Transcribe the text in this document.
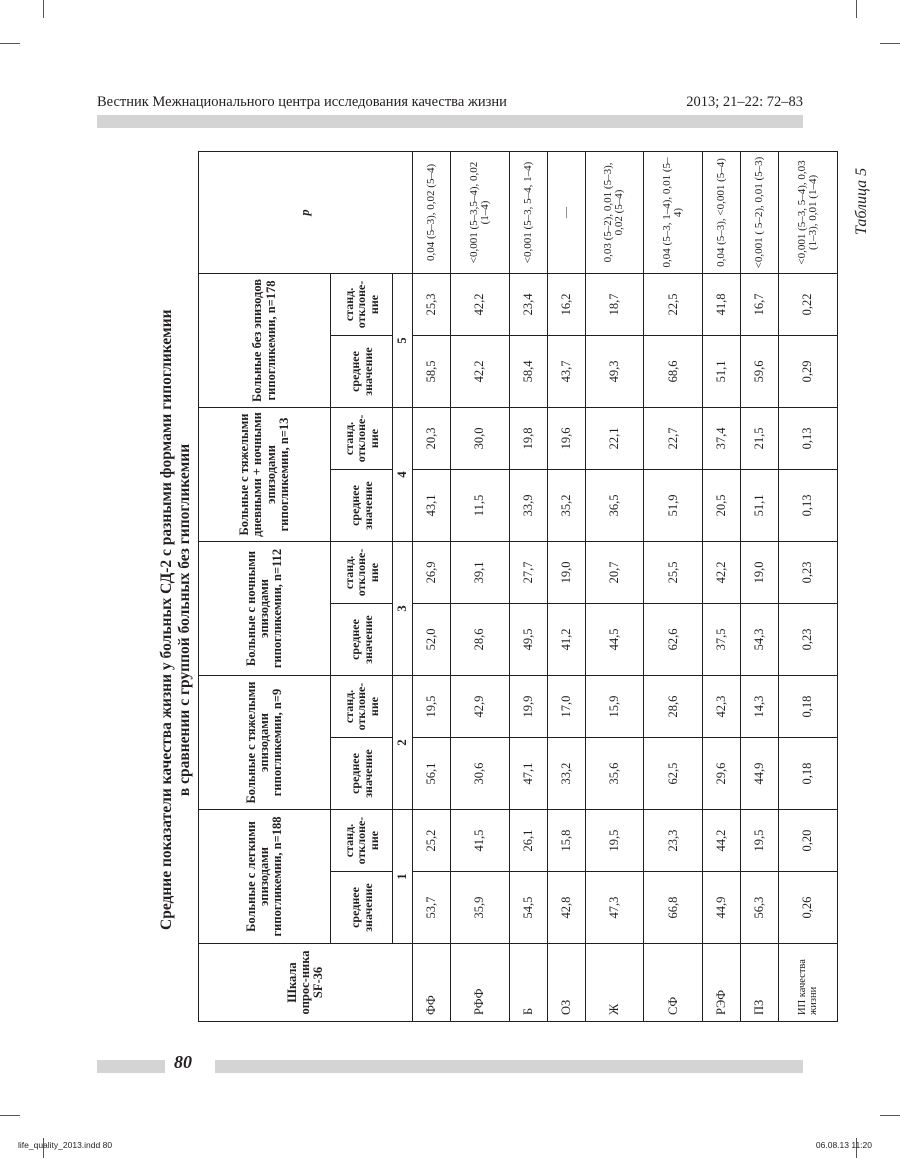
Вестник Межнационального центра исследования качества жизни	2013; 21–22: 72–83
Таблица 5
Средние показатели качества жизни у больных СД-2 с разными формами гипогликемии в сравнении с группой больных без гипогликемии
Шкала опрос-ника SF-36	Больные с легкими эпизодами гипогликемии, n=188		Больные с тяжелыми эпизодами гипогликемии, n=9		Больные с ночными эпизодами гипогликемии, n=112		Больные с тяжелыми дневными + ночными эпизодами гипогликемии, n=13		Больные без эпизодов гипогликемии, n=178		p
	среднее значение	станд. отклоне-ние	среднее значение	станд. отклоне-ние	среднее значение	станд. отклоне-ние	среднее значение	станд. отклоне-ние	среднее значение	станд. отклоне-ние	
	1		2		3		4		5		
ФФ	53,7	25,2	56,1	19,5	52,0	26,9	43,1	20,3	58,5	25,3	0,04 (5–3), 0,02 (5–4)
РФФ	35,9	41,5	30,6	42,9	28,6	39,1	11,5	30,0	42,2	42,2	<0,001 (5–3,5–4), 0,02 (1–4)
Б	54,5	26,1	47,1	19,9	49,5	27,7	33,9	19,8	58,4	23,4	<0,001 (5–3, 5–4, 1–4)
ОЗ	42,8	15,8	33,2	17,0	41,2	19,0	35,2	19,6	43,7	16,2	—
Ж	47,3	19,5	35,6	15,9	44,5	20,7	36,5	22,1	49,3	18,7	0,03 (5–2), 0,01 (5–3), 0,02 (5–4)
СФ	66,8	23,3	62,5	28,6	62,6	25,5	51,9	22,7	68,6	22,5	0,04 (5–3, 1–4), 0,01 (5–4)
РЭФ	44,9	44,2	29,6	42,3	37,5	42,2	20,5	37,4	51,1	41,8	0,04 (5–3), <0,001 (5–4)
ПЗ	56,3	19,5	44,9	14,3	54,3	19,0	51,1	21,5	59,6	16,7	<0,001 ( 5–2), 0,01 (5–3)
ИП качества жизни	0,26	0,20	0,18	0,18	0,23	0,23	0,13	0,13	0,29	0,22	<0,001 (5–3, 5–4), 0,03 (1–3), 0,01 (1–4)
80
life_quality_2013.indd 80	06.08.13 11:20
